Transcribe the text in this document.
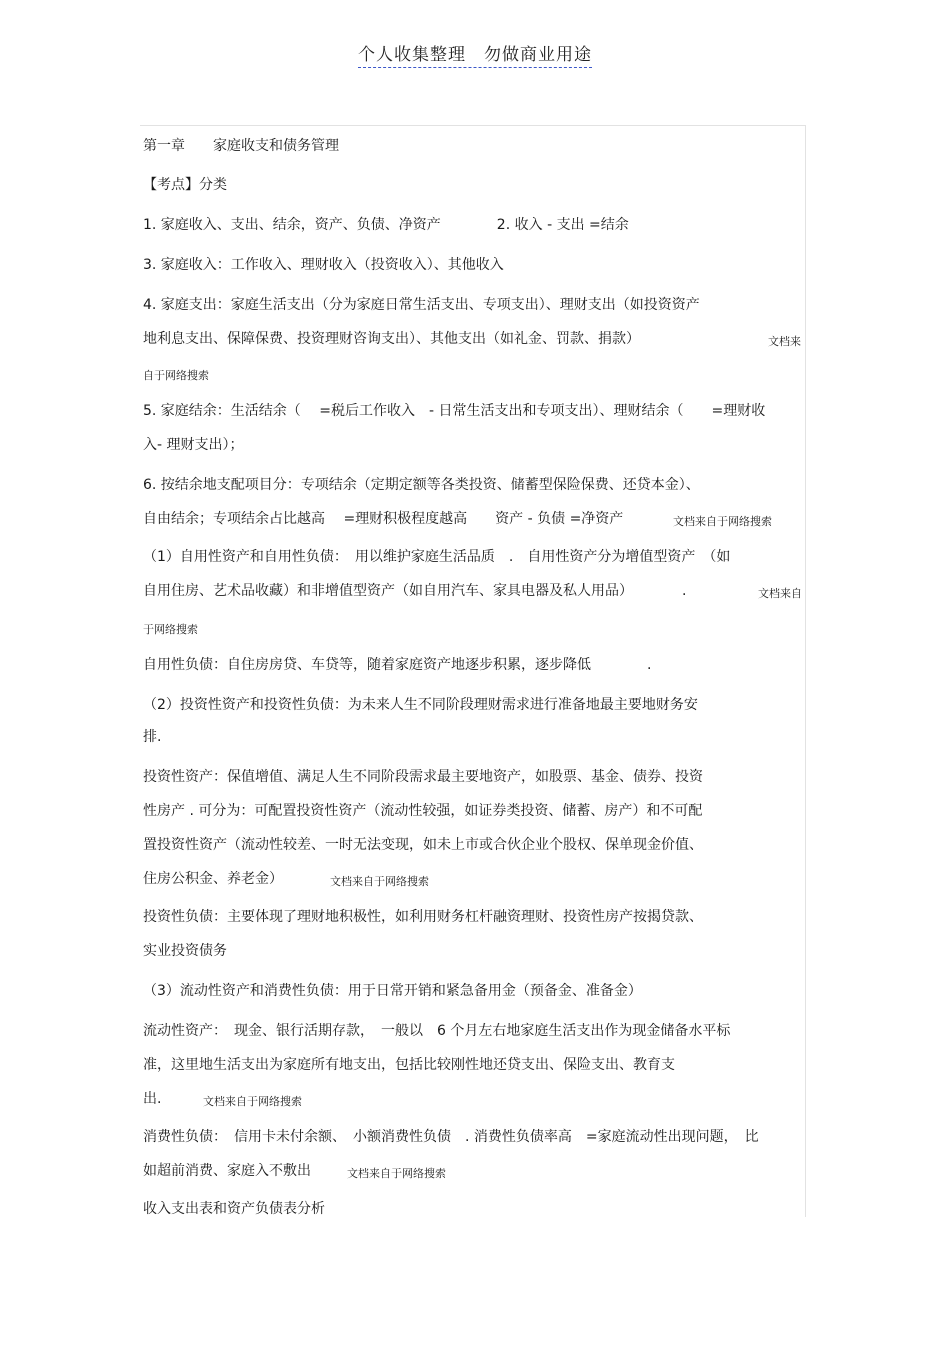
个人收集整理　勿做商业用途
第一章　　家庭收支和债务管理
【考点】分类
1. 家庭收入、支出、结余，资产、负债、净资产　　　　2. 收入 - 支出 =结余
3. 家庭收入：工作收入、理财收入（投资收入）、其他收入
4. 家庭支出：家庭生活支出（分为家庭日常生活支出、专项支出）、理财支出（如投资资产
地利息支出、保障保费、投资理财咨询支出）、其他支出（如礼金、罚款、捐款）	文档来
自于网络搜索
5. 家庭结余：生活结余（　 =税后工作收入　- 日常生活支出和专项支出）、理财结余（　　=理财收
入- 理财支出）；
6. 按结余地支配项目分：专项结余（定期定额等各类投资、储蓄型保险保费、还贷本金）、
自由结余；专项结余占比越高　 =理财积极程度越高　　资产 - 负债 =净资产	文档来自于网络搜索
（1）自用性资产和自用性负债：　用以维护家庭生活品质　.　自用性资产分为增值型资产　（如
自用住房、艺术品收藏）和非增值型资产（如自用汽车、家具电器及私人用品）　　　　.	文档来自
于网络搜索
自用性负债：自住房房贷、车贷等，随着家庭资产地逐步积累，逐步降低　　　　.
（2）投资性资产和投资性负债：为未来人生不同阶段理财需求进行准备地最主要地财务安
排.
投资性资产：保值增值、满足人生不同阶段需求最主要地资产，如股票、基金、债券、投资
性房产 . 可分为：可配置投资性资产（流动性较强，如证券类投资、储蓄、房产）和不可配
置投资性资产（流动性较差、一时无法变现，如未上市或合伙企业个股权、保单现金价值、
住房公积金、养老金）	文档来自于网络搜索
投资性负债：主要体现了理财地积极性，如利用财务杠杆融资理财、投资性房产按揭贷款、
实业投资债务
（3）流动性资产和消费性负债：用于日常开销和紧急备用金（预备金、准备金）
流动性资产：　现金、银行活期存款，　一般以　6 个月左右地家庭生活支出作为现金储备水平标
准，这里地生活支出为家庭所有地支出，包括比较刚性地还贷支出、保险支出、教育支
出.	文档来自于网络搜索
消费性负债：　信用卡未付余额、　小额消费性负债　. 消费性负债率高　=家庭流动性出现问题，　比
如超前消费、家庭入不敷出	文档来自于网络搜索
收入支出表和资产负债表分析
